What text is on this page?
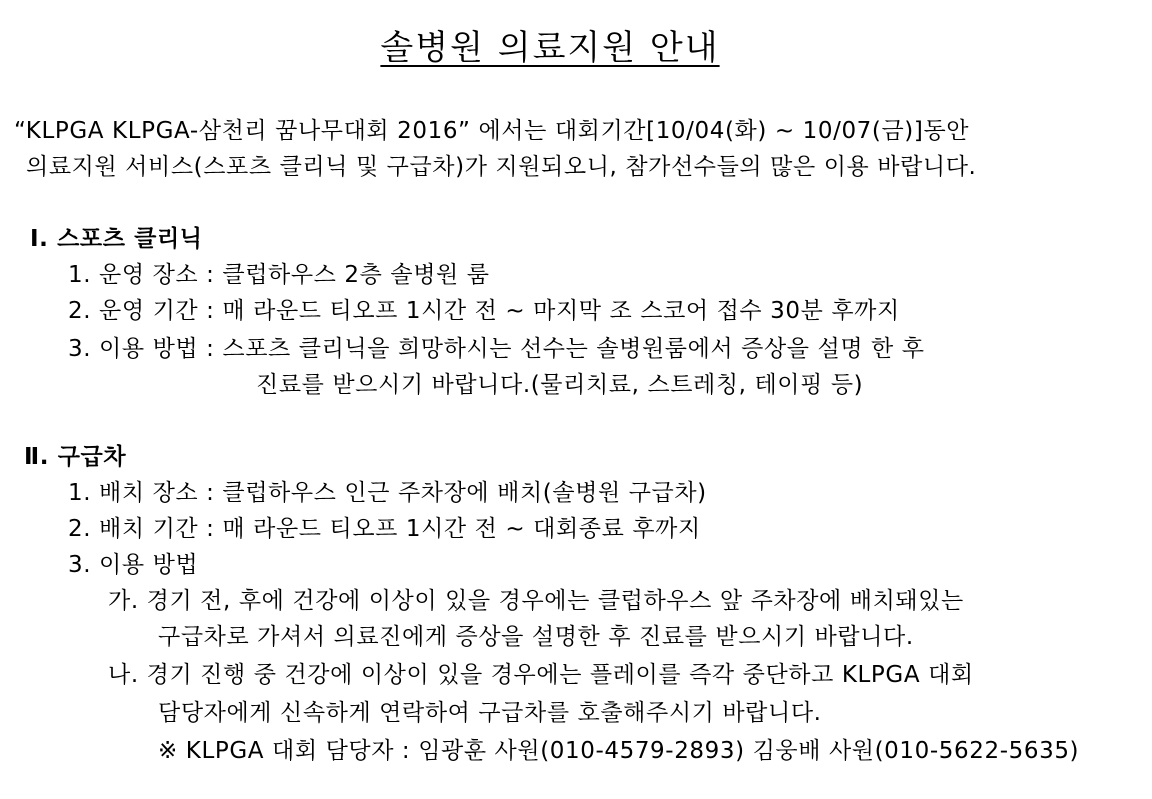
솔병원 의료지원 안내
“KLPGA KLPGA-삼천리 꿈나무대회 2016” 에서는 대회기간[10/04(화) ~ 10/07(금)]동안
의료지원 서비스(스포츠 클리닉 및 구급차)가 지원되오니, 참가선수들의 많은 이용 바랍니다.
Ⅰ. 스포츠 클리닉
1. 운영 장소 : 클럽하우스 2층 솔병원 룸
2. 운영 기간 : 매 라운드 티오프 1시간 전 ~ 마지막 조 스코어 접수 30분 후까지
3. 이용 방법 : 스포츠 클리닉을 희망하시는 선수는 솔병원룸에서 증상을 설명 한 후
진료를 받으시기 바랍니다.(물리치료, 스트레칭, 테이핑 등)
Ⅱ. 구급차
1. 배치 장소 : 클럽하우스 인근 주차장에 배치(솔병원 구급차)
2. 배치 기간 : 매 라운드 티오프 1시간 전 ~ 대회종료 후까지
3. 이용 방법
가. 경기 전, 후에 건강에 이상이 있을 경우에는 클럽하우스 앞 주차장에 배치돼있는
구급차로 가셔서 의료진에게 증상을 설명한 후 진료를 받으시기 바랍니다.
나. 경기 진행 중 건강에 이상이 있을 경우에는 플레이를 즉각 중단하고 KLPGA 대회
담당자에게 신속하게 연락하여 구급차를 호출해주시기 바랍니다.
※ KLPGA 대회 담당자 : 임광훈 사원(010-4579-2893) 김웅배 사원(010-5622-5635)
